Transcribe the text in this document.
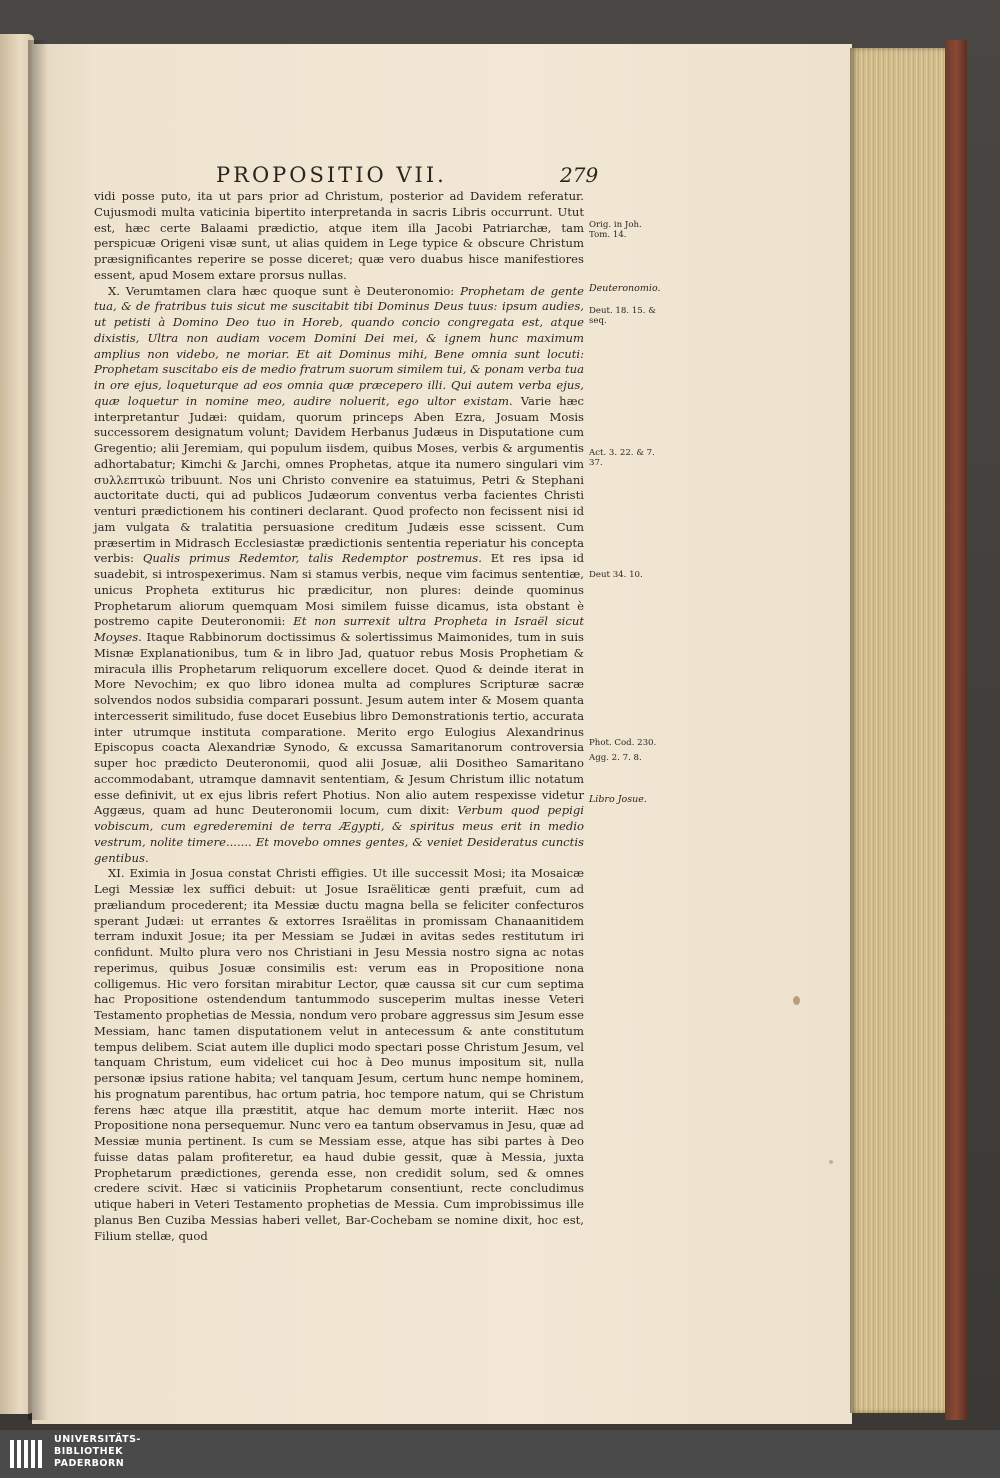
PROPOSITIO VII.	279

vidi posse puto, ita ut pars prior ad Christum, posterior ad Davidem referatur. Cujusmodi multa vaticinia bipertito interpretanda in sacris Libris occurrunt. Utut est, hæc certe Balaami prædictio, atque item illa Jacobi Patriarchæ, tam perspicuæ Origeni visæ sunt, ut alias quidem in Lege typice & obscure Christum præsignificantes reperire se posse diceret; quæ vero duabus hisce manifestiores essent, apud Mosem extare prorsus nullas.

X. Verumtamen clara hæc quoque sunt è Deuteronomio: Prophetam de gente tua, & de fratribus tuis sicut me suscitabit tibi Dominus Deus tuus: ipsum audies, ut petisti à Domino Deo tuo in Horeb, quando concio congregata est, atque dixistis, Ultra non audiam vocem Domini Dei mei, & ignem hunc maximum amplius non videbo, ne moriar. Et ait Dominus mihi, Bene omnia sunt locuti: Prophetam suscitabo eis de medio fratrum suorum similem tui, & ponam verba tua in ore ejus, loqueturque ad eos omnia quæ præcepero illi. Qui autem verba ejus, quæ loquetur in nomine meo, audire noluerit, ego ultor existam. Varie hæc interpretantur Judæi: quidam, quorum princeps Aben Ezra, Josuam Mosis successorem designatum volunt; Davidem Herbanus Judæus in Disputatione cum Gregentio; alii Jeremiam, qui populum iisdem, quibus Moses, verbis & argumentis adhortabatur; Kimchi & Jarchi, omnes Prophetas, atque ita numero singulari vim συλλεπτικὼ tribuunt. Nos uni Christo convenire ea statuimus, Petri & Stephani auctoritate ducti, qui ad publicos Judæorum conventus verba facientes Christi venturi prædictionem his contineri declarant. Quod profecto non fecissent nisi id jam vulgata & tralatitia persuasione creditum Judæis esse scissent. Cum præsertim in Midrasch Ecclesiastæ prædictionis sententia reperiatur his concepta verbis: Qualis primus Redemtor, talis Redemptor postremus. Et res ipsa id suadebit, si introspexerimus. Nam si stamus verbis, neque vim facimus sententiæ, unicus Propheta extiturus hic prædicitur, non plures: deinde quominus Prophetarum aliorum quemquam Mosi similem fuisse dicamus, ista obstant è postremo capite Deuteronomii: Et non surrexit ultra Propheta in Israël sicut Moyses. Itaque Rabbinorum doctissimus & solertissimus Maimonides, tum in suis Misnæ Explanationibus, tum & in libro Jad, quatuor rebus Mosis Prophetiam & miracula illis Prophetarum reliquorum excellere docet. Quod & deinde iterat in More Nevochim; ex quo libro idonea multa ad complures Scripturæ sacræ solvendos nodos subsidia comparari possunt. Jesum autem inter & Mosem quanta intercesserit similitudo, fuse docet Eusebius libro Demonstrationis tertio, accurata inter utrumque instituta comparatione. Merito ergo Eulogius Alexandrinus Episcopus coacta Alexandriæ Synodo, & excussa Samaritanorum controversia super hoc prædicto Deuteronomii, quod alii Josuæ, alii Dositheo Samaritano accommodabant, utramque damnavit sententiam, & Jesum Christum illic notatum esse definivit, ut ex ejus libris refert Photius. Non alio autem respexisse videtur Aggæus, quam ad hunc Deuteronomii locum, cum dixit: Verbum quod pepigi vobiscum, cum egrederemini de terra Ægypti, & spiritus meus erit in medio vestrum, nolite timere....... Et movebo omnes gentes, & veniet Desideratus cunctis gentibus.

XI. Eximia in Josua constat Christi effigies. Ut ille successit Mosi; ita Mosaicæ Legi Messiæ lex suffici debuit: ut Josue Israëliticæ genti præfuit, cum ad præliandum procederent; ita Messiæ ductu magna bella se feliciter confecturos sperant Judæi: ut errantes & extorres Israëlitas in promissam Chanaanitidem terram induxit Josue; ita per Messiam se Judæi in avitas sedes restitutum iri confidunt. Multo plura vero nos Christiani in Jesu Messia nostro signa ac notas reperimus, quibus Josuæ consimilis est: verum eas in Propositione nona colligemus. Hic vero forsitan mirabitur Lector, quæ caussa sit cur cum septima hac Propositione ostendendum tantummodo susceperim multas inesse Veteri Testamento prophetias de Messia, nondum vero probare aggressus sim Jesum esse Messiam, hanc tamen disputationem velut in antecessum & ante constitutum tempus delibem. Sciat autem ille duplici modo spectari posse Christum Jesum, vel tanquam Christum, eum videlicet cui hoc à Deo munus impositum sit, nulla personæ ipsius ratione habita; vel tanquam Jesum, certum hunc nempe hominem, his prognatum parentibus, hac ortum patria, hoc tempore natum, qui se Christum ferens hæc atque illa præstitit, atque hac demum morte interiit. Hæc nos Propositione nona persequemur. Nunc vero ea tantum observamus in Jesu, quæ ad Messiæ munia pertinent. Is cum se Messiam esse, atque has sibi partes à Deo fuisse datas palam profiteretur, ea haud dubie gessit, quæ à Messia, juxta Prophetarum prædictiones, gerenda esse, non credidit solum, sed & omnes credere scivit. Hæc si vaticiniis Prophetarum consentiunt, recte concludimus utique haberi in Veteri Testamento prophetias de Messia. Cum improbissimus ille planus Ben Cuziba Messias haberi vellet, Bar-Cochebam se nomine dixit, hoc est, Filium stellæ, quod

Orig. in Joh. Tom. 14.
Deuteronomio.
Deut. 18. 15. & seq.
Act. 3. 22. & 7. 37.
Deut 34. 10.
Phot. Cod. 230.
Agg. 2. 7. 8.
Libro Josue.
UNIVERSITÄTS-
BIBLIOTHEK
PADERBORN
